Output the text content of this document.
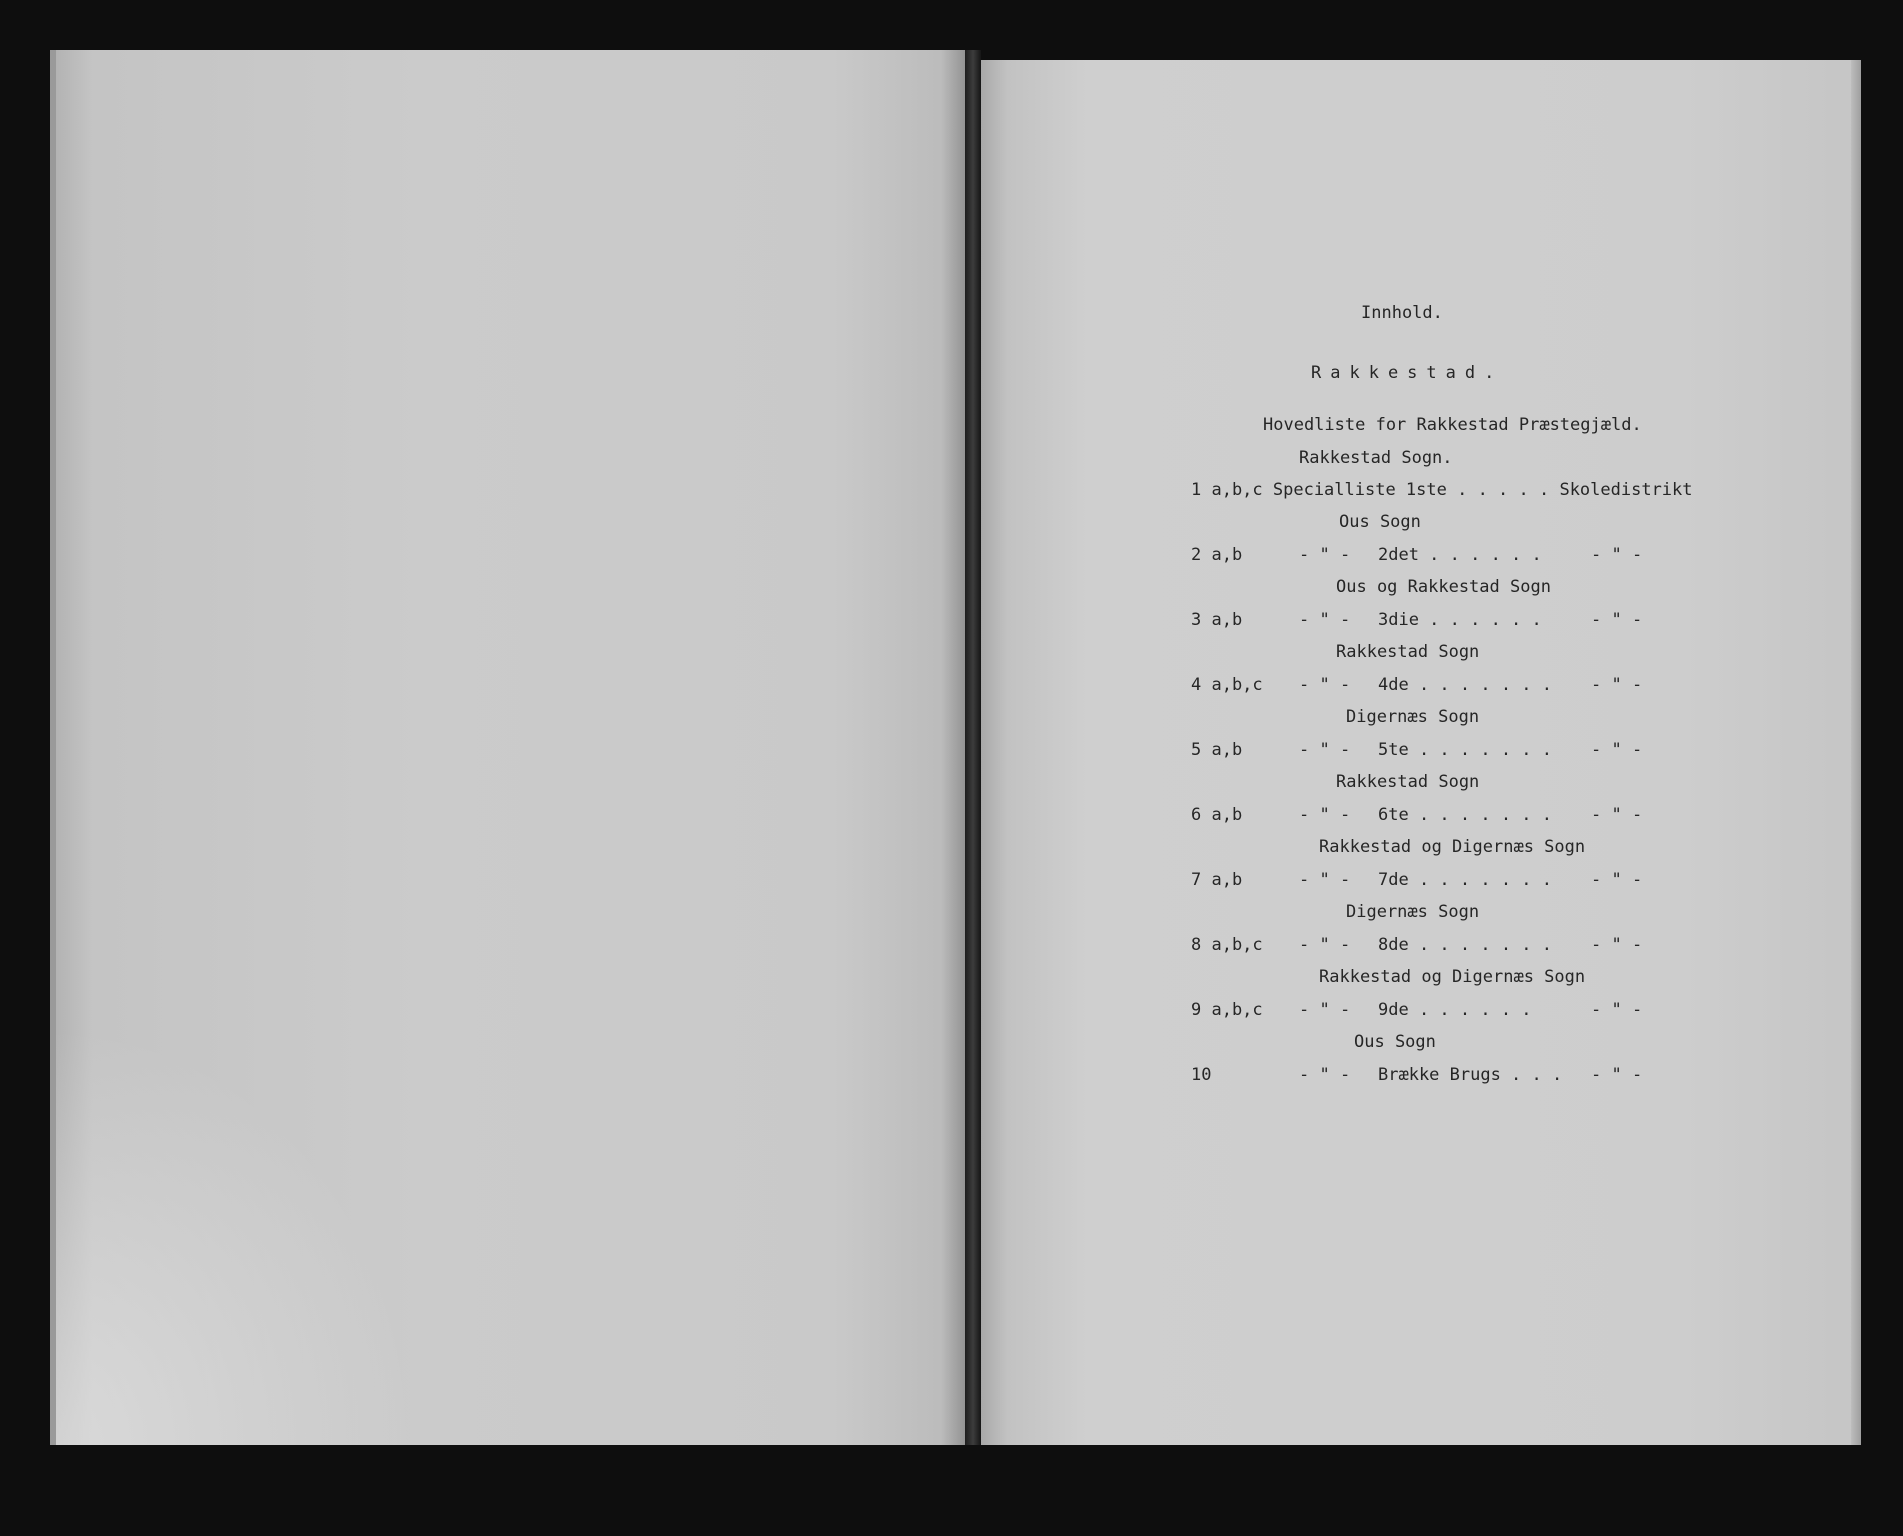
Innhold.
Rakkestad.
Hovedliste for Rakkestad Præstegjæld.
Rakkestad Sogn.
1 a,b,c Specialliste 1ste . . . . . Skoledistrikt
Ous Sogn
2 a,b	- " - 2det . . . . . .	- " -
Ous og Rakkestad Sogn
3 a,b	- " - 3die . . . . . .	- " -
Rakkestad Sogn
4 a,b,c - " - 4de . . . . . . . - " -
Digernæs Sogn
5 a,b	- " - 5te . . . . . . . - " -
Rakkestad Sogn
6 a,b	- " - 6te . . . . . . . - " -
Rakkestad og Digernæs Sogn
7 a,b	- " - 7de . . . . . . . - " -
Digernæs Sogn
8 a,b,c - " - 8de . . . . . . . - " -
Rakkestad og Digernæs Sogn
9 a,b,c - " - 9de . . . . . .	- " -
Ous Sogn
10	- " - Brække Brugs . . . - " -
